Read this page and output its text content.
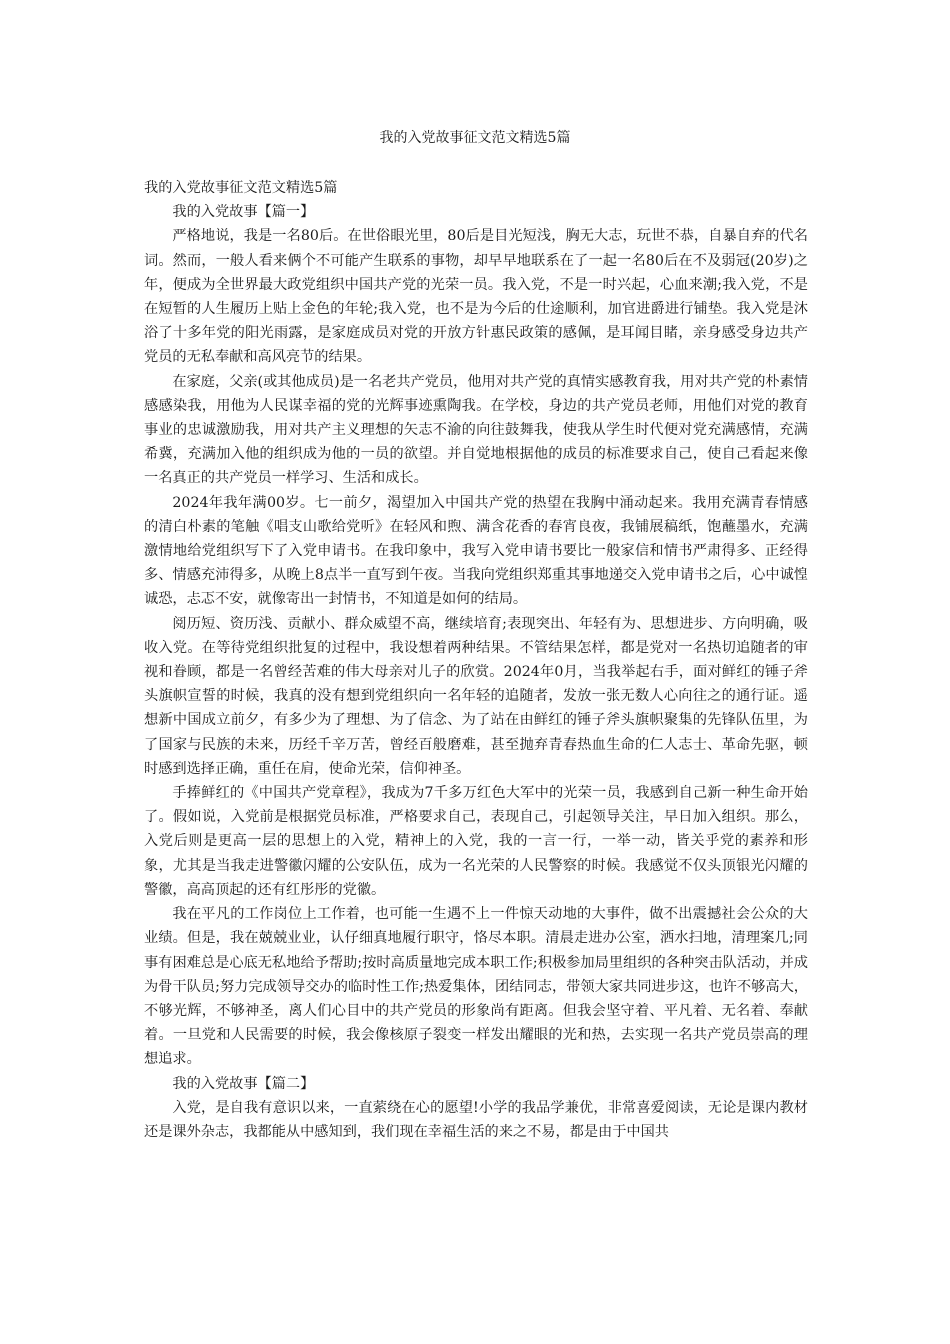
我的入党故事征文范文精选5篇

我的入党故事征文范文精选5篇

我的入党故事【篇一】

严格地说，我是一名80后。在世俗眼光里，80后是目光短浅，胸无大志，玩世不恭，自暴自弃的代名词。然而，一般人看来俩个不可能产生联系的事物，却早早地联系在了一起一名80后在不及弱冠(20岁)之年，便成为全世界最大政党组织中国共产党的光荣一员。我入党，不是一时兴起，心血来潮;我入党，不是在短暂的人生履历上贴上金色的年轮;我入党，也不是为今后的仕途顺利，加官进爵进行铺垫。我入党是沐浴了十多年党的阳光雨露，是家庭成员对党的开放方针惠民政策的感佩，是耳闻目睹，亲身感受身边共产党员的无私奉献和高风亮节的结果。

在家庭，父亲(或其他成员)是一名老共产党员，他用对共产党的真情实感教育我，用对共产党的朴素情感感染我，用他为人民谋幸福的党的光辉事迹熏陶我。在学校，身边的共产党员老师，用他们对党的教育事业的忠诚激励我，用对共产主义理想的矢志不渝的向往鼓舞我，使我从学生时代便对党充满感情，充满希冀，充满加入他的组织成为他的一员的欲望。并自觉地根据他的成员的标准要求自己，使自己看起来像一名真正的共产党员一样学习、生活和成长。

2024年我年满00岁。七一前夕，渴望加入中国共产党的热望在我胸中涌动起来。我用充满青春情感的清白朴素的笔触《唱支山歌给党听》在轻风和煦、满含花香的春宵良夜，我铺展稿纸，饱蘸墨水，充满激情地给党组织写下了入党申请书。在我印象中，我写入党申请书要比一般家信和情书严肃得多、正经得多、情感充沛得多，从晚上8点半一直写到午夜。当我向党组织郑重其事地递交入党申请书之后，心中诚惶诚恐，忐忑不安，就像寄出一封情书，不知道是如何的结局。

阅历短、资历浅、贡献小、群众威望不高，继续培育;表现突出、年轻有为、思想进步、方向明确，吸收入党。在等待党组织批复的过程中，我设想着两种结果。不管结果怎样，都是党对一名热切追随者的审视和眷顾，都是一名曾经苦难的伟大母亲对儿子的欣赏。2024年0月，当我举起右手，面对鲜红的锤子斧头旗帜宣誓的时候，我真的没有想到党组织向一名年轻的追随者，发放一张无数人心向往之的通行证。遥想新中国成立前夕，有多少为了理想、为了信念、为了站在由鲜红的锤子斧头旗帜聚集的先锋队伍里，为了国家与民族的未来，历经千辛万苦，曾经百般磨难，甚至抛弃青春热血生命的仁人志士、革命先驱，顿时感到选择正确，重任在肩，使命光荣，信仰神圣。

手捧鲜红的《中国共产党章程》，我成为7千多万红色大军中的光荣一员，我感到自己新一种生命开始了。假如说，入党前是根据党员标准，严格要求自己，表现自己，引起领导关注，早日加入组织。那么，入党后则是更高一层的思想上的入党，精神上的入党，我的一言一行，一举一动，皆关乎党的素养和形象，尤其是当我走进警徽闪耀的公安队伍，成为一名光荣的人民警察的时候。我感觉不仅头顶银光闪耀的警徽，高高顶起的还有红彤彤的党徽。

我在平凡的工作岗位上工作着，也可能一生遇不上一件惊天动地的大事件，做不出震撼社会公众的大业绩。但是，我在兢兢业业，认仔细真地履行职守，恪尽本职。清晨走进办公室，洒水扫地，清理案几;同事有困难总是心底无私地给予帮助;按时高质量地完成本职工作;积极参加局里组织的各种突击队活动，并成为骨干队员;努力完成领导交办的临时性工作;热爱集体，团结同志，带领大家共同进步这，也许不够高大，不够光辉，不够神圣，离人们心目中的共产党员的形象尚有距离。但我会坚守着、平凡着、无名着、奉献着。一旦党和人民需要的时候，我会像核原子裂变一样发出耀眼的光和热，去实现一名共产党员崇高的理想追求。

我的入党故事【篇二】

入党，是自我有意识以来，一直萦绕在心的愿望!小学的我品学兼优，非常喜爱阅读，无论是课内教材还是课外杂志，我都能从中感知到，我们现在幸福生活的来之不易，都是由于中国共
